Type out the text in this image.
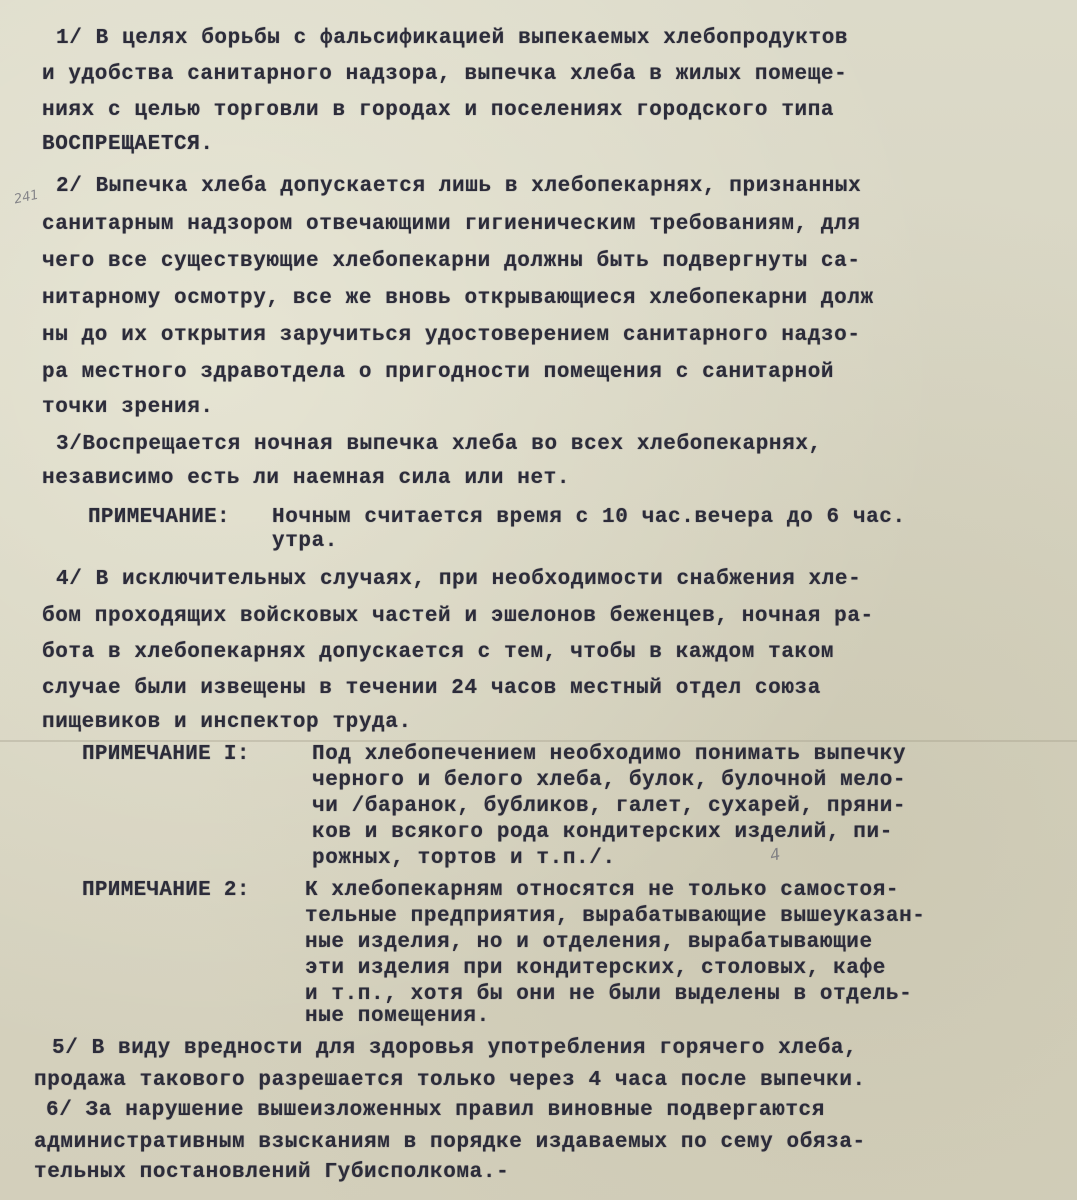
241
4
1/ В целях борьбы с фальсификацией выпекаемых хлебопродуктов
и удобства санитарного надзора, выпечка хлеба в жилых помеще-
ниях с целью торговли в городах и поселениях городского типа
ВОСПРЕЩАЕТСЯ.
2/ Выпечка хлеба допускается лишь в хлебопекарнях, признанных
санитарным надзором отвечающими гигиеническим требованиям, для
чего все существующие хлебопекарни должны быть подвергнуты са-
нитарному осмотру, все же вновь открывающиеся хлебопекарни долж
ны до их открытия заручиться удостоверением санитарного надзо-
ра местного здравотдела о пригодности помещения с санитарной
точки зрения.
3/Воспрещается ночная выпечка хлеба во всех хлебопекарнях,
независимо есть ли наемная сила или нет.
ПРИМЕЧАНИЕ: Ночным считается время с 10 час.вечера до 6 час.
утра.
4/ В исключительных случаях, при необходимости снабжения хле-
бом проходящих войсковых частей и эшелонов беженцев, ночная ра-
бота в хлебопекарнях допускается с тем, чтобы в каждом таком
случае были извещены в течении 24 часов местный отдел союза
пищевиков и инспектор труда.
ПРИМЕЧАНИЕ I:	Под хлебопечением необходимо понимать выпечку
черного и белого хлеба, булок, булочной мело-
чи /баранок, бубликов, галет, сухарей, пряни-
ков и всякого рода кондитерских изделий, пи-
рожных, тортов и т.п./.
ПРИМЕЧАНИЕ 2:	К хлебопекарням относятся не только самостоя-
тельные предприятия, вырабатывающие вышеуказан-
ные изделия, но и отделения, вырабатывающие
эти изделия при кондитерских, столовых, кафе
и т.п., хотя бы они не были выделены в отдель-
ные помещения.
5/ В виду вредности для здоровья употребления горячего хлеба,
продажа такового разрешается только через 4 часа после выпечки.
6/ За нарушение вышеизложенных правил виновные подвергаются
административным взысканиям в порядке издаваемых по сему обяза-
тельных постановлений Губисполкома.-
